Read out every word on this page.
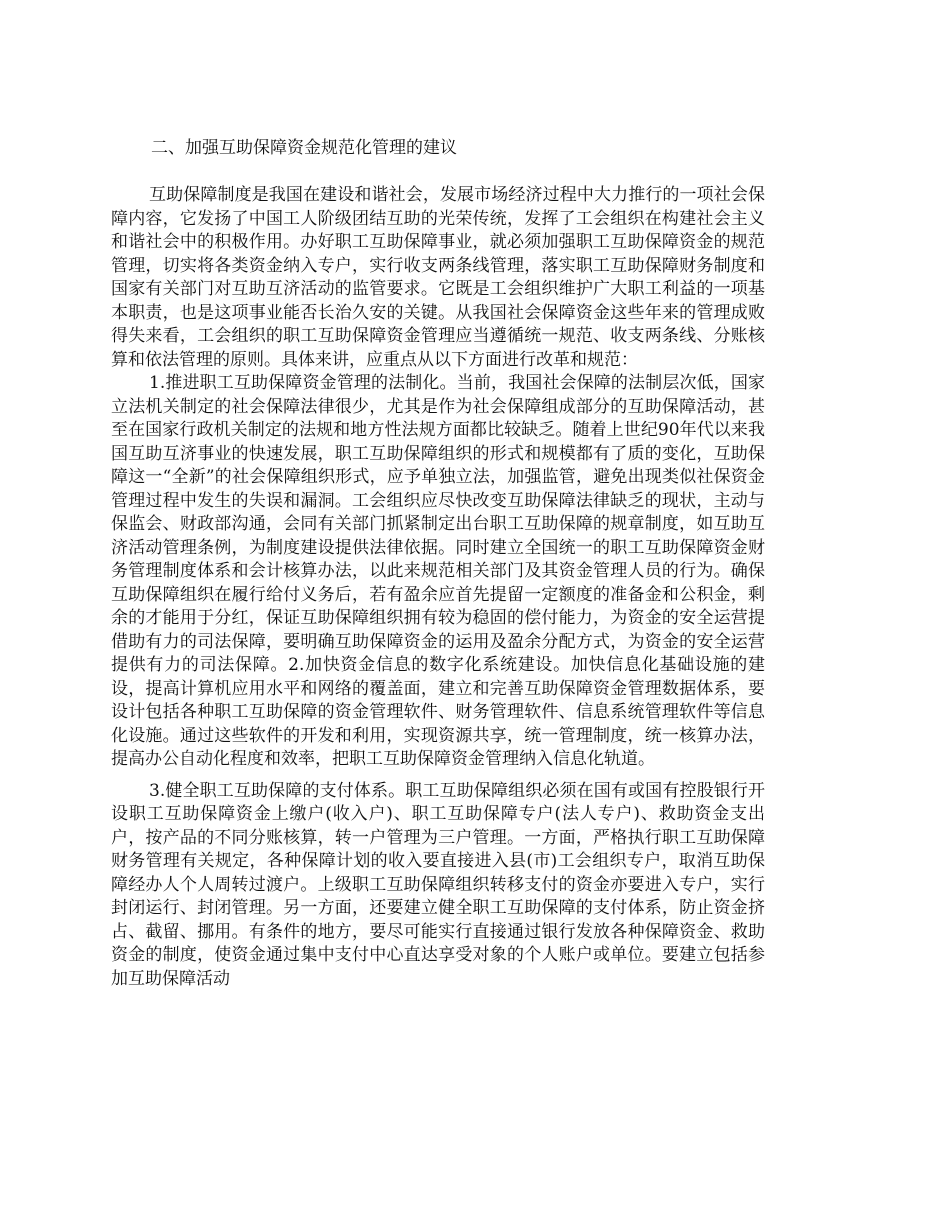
二、加强互助保障资金规范化管理的建议

互助保障制度是我国在建设和谐社会，发展市场经济过程中大力推行的一项社会保障内容，它发扬了中国工人阶级团结互助的光荣传统，发挥了工会组织在构建社会主义和谐社会中的积极作用。办好职工互助保障事业，就必须加强职工互助保障资金的规范管理，切实将各类资金纳入专户，实行收支两条线管理，落实职工互助保障财务制度和国家有关部门对互助互济活动的监管要求。它既是工会组织维护广大职工利益的一项基本职责，也是这项事业能否长治久安的关键。从我国社会保障资金这些年来的管理成败得失来看，工会组织的职工互助保障资金管理应当遵循统一规范、收支两条线、分账核算和依法管理的原则。具体来讲，应重点从以下方面进行改革和规范：

1.推进职工互助保障资金管理的法制化。当前，我国社会保障的法制层次低，国家立法机关制定的社会保障法律很少，尤其是作为社会保障组成部分的互助保障活动，甚至在国家行政机关制定的法规和地方性法规方面都比较缺乏。随着上世纪90年代以来我国互助互济事业的快速发展，职工互助保障组织的形式和规模都有了质的变化，互助保障这一“全新”的社会保障组织形式，应予单独立法，加强监管，避免出现类似社保资金管理过程中发生的失误和漏洞。工会组织应尽快改变互助保障法律缺乏的现状，主动与保监会、财政部沟通，会同有关部门抓紧制定出台职工互助保障的规章制度，如互助互济活动管理条例，为制度建设提供法律依据。同时建立全国统一的职工互助保障资金财务管理制度体系和会计核算办法，以此来规范相关部门及其资金管理人员的行为。确保互助保障组织在履行给付义务后，若有盈余应首先提留一定额度的准备金和公积金，剩余的才能用于分红，保证互助保障组织拥有较为稳固的偿付能力，为资金的安全运营提借助有力的司法保障，要明确互助保障资金的运用及盈余分配方式，为资金的安全运营提供有力的司法保障。2.加快资金信息的数字化系统建设。加快信息化基础设施的建设，提高计算机应用水平和网络的覆盖面，建立和完善互助保障资金管理数据体系，要设计包括各种职工互助保障的资金管理软件、财务管理软件、信息系统管理软件等信息化设施。通过这些软件的开发和利用，实现资源共享，统一管理制度，统一核算办法，提高办公自动化程度和效率，把职工互助保障资金管理纳入信息化轨道。

3.健全职工互助保障的支付体系。职工互助保障组织必须在国有或国有控股银行开设职工互助保障资金上缴户(收入户)、职工互助保障专户(法人专户)、救助资金支出户，按产品的不同分账核算，转一户管理为三户管理。一方面，严格执行职工互助保障财务管理有关规定，各种保障计划的收入要直接进入县(市)工会组织专户，取消互助保障经办人个人周转过渡户。上级职工互助保障组织转移支付的资金亦要进入专户，实行封闭运行、封闭管理。另一方面，还要建立健全职工互助保障的支付体系，防止资金挤占、截留、挪用。有条件的地方，要尽可能实行直接通过银行发放各种保障资金、救助资金的制度，使资金通过集中支付中心直达享受对象的个人账户或单位。要建立包括参加互助保障活动
